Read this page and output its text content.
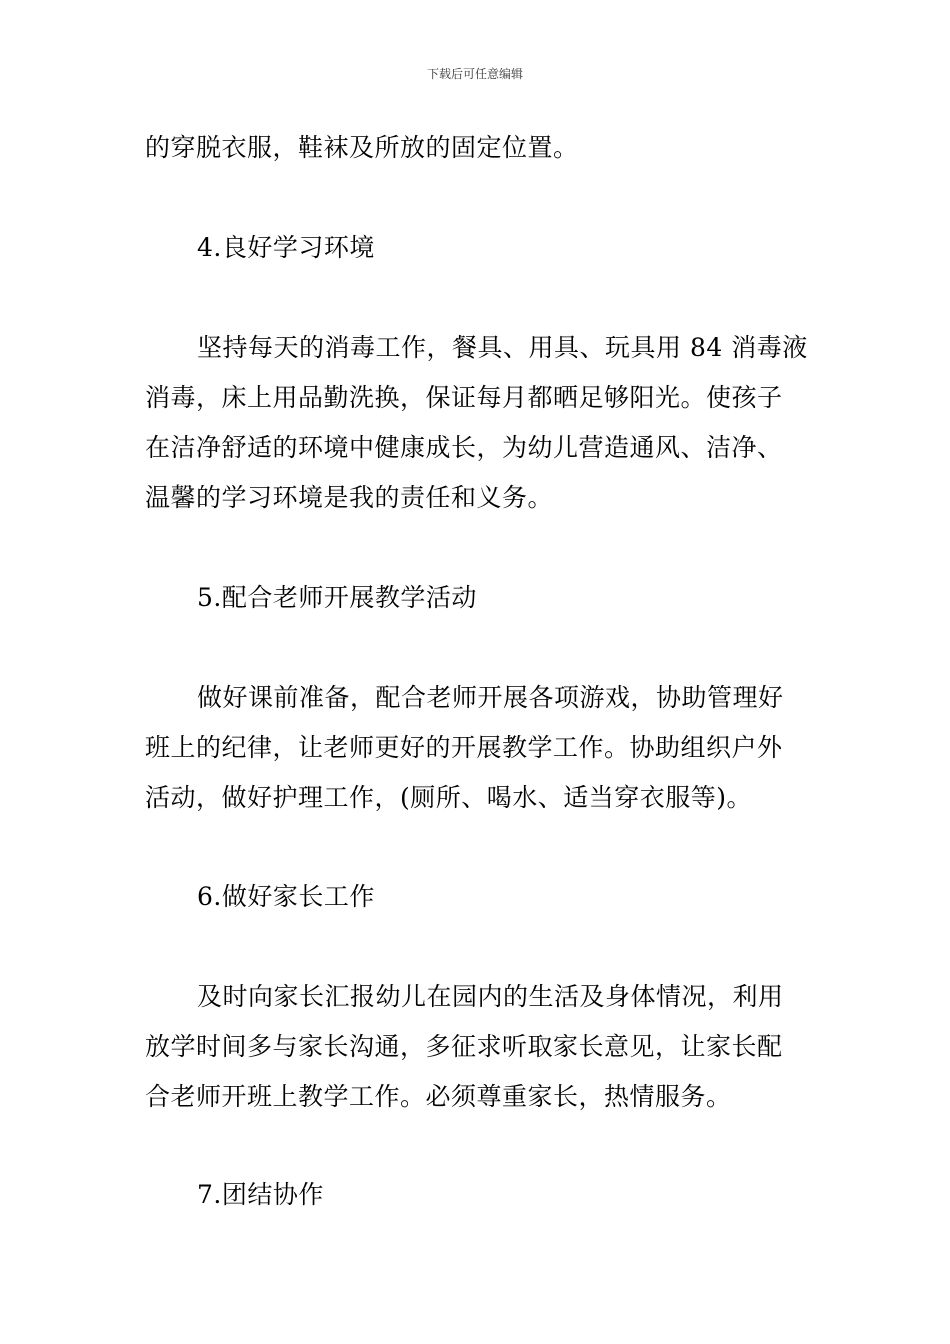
下载后可任意编辑
的穿脱衣服，鞋袜及所放的固定位置。
4.良好学习环境
坚持每天的消毒工作，餐具、用具、玩具用 84 消毒液
消毒，床上用品勤洗换，保证每月都晒足够阳光。使孩子
在洁净舒适的环境中健康成长，为幼儿营造通风、洁净、
温馨的学习环境是我的责任和义务。
5.配合老师开展教学活动
做好课前准备，配合老师开展各项游戏，协助管理好
班上的纪律，让老师更好的开展教学工作。协助组织户外
活动，做好护理工作，(厕所、喝水、适当穿衣服等)。
6.做好家长工作
及时向家长汇报幼儿在园内的生活及身体情况，利用
放学时间多与家长沟通，多征求听取家长意见，让家长配
合老师开班上教学工作。必须尊重家长，热情服务。
7.团结协作
